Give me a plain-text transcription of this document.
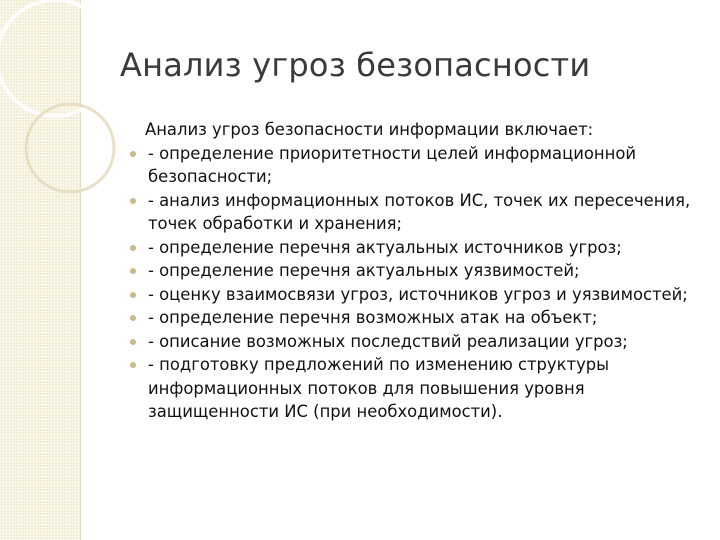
Анализ угроз безопасности

Анализ угроз безопасности информации включает:

- определение приоритетности целей информационной безопасности;
- анализ информационных потоков ИС, точек их пересечения, точек обработки и хранения;
- определение перечня актуальных источников угроз;
- определение перечня актуальных уязвимостей;
- оценку взаимосвязи угроз, источников угроз и уязвимостей;
- определение перечня возможных атак на объект;
- описание возможных последствий реализации угроз;
- подготовку предложений по изменению структуры информационных потоков для повышения уровня защищенности ИС (при необходимости).
